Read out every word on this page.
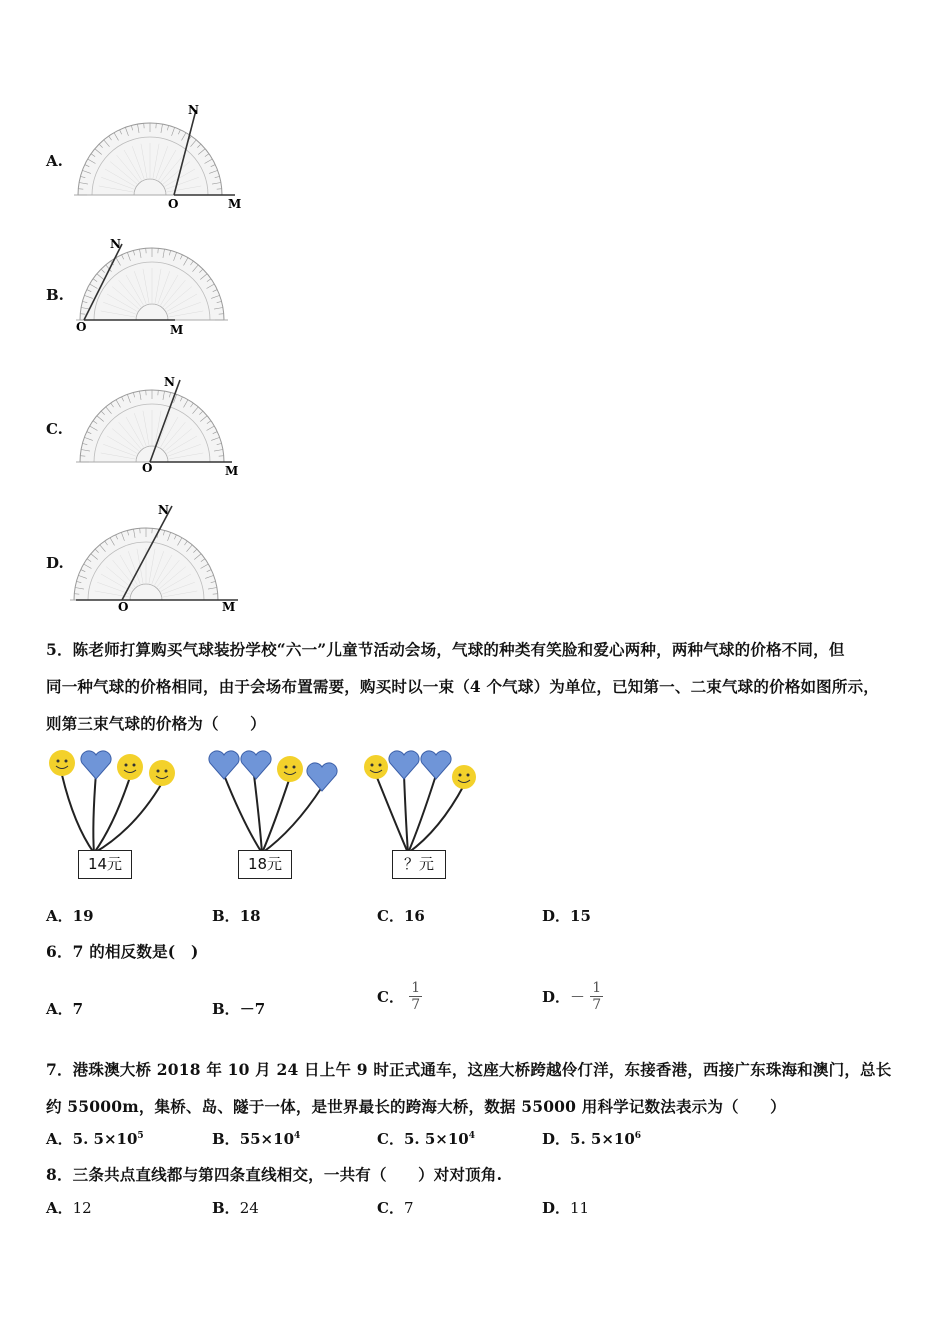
A.
O	M
N
B.
O	M
N
C.
O	M
N
D.
O	M
N
5．陈老师打算购买气球装扮学校“六一”儿童节活动会场，气球的种类有笑脸和爱心两种，两种气球的价格不同，但
同一种气球的价格相同，由于会场布置需要，购买时以一束（4 个气球）为单位，已知第一、二束气球的价格如图所示，
则第三束气球的价格为（　　）
14元	18元	？元
A．19	B．18	C．16	D．15
6．7 的相反数是(　)
A．7	B．－7
C． $\frac{1}{7}$	D．－ $\frac{1}{7}$
7．港珠澳大桥 2018 年 10 月 24 日上午 9 时正式通车，这座大桥跨越伶仃洋，东接香港，西接广东珠海和澳门，总长
约 55000m，集桥、岛、隧于一体，是世界最长的跨海大桥，数据 55000 用科学记数法表示为（　　）
A．5. $5\times 10^5$	B．$55\times 10^4$	C．5. $5\times 10^4$	D．5. $5\times 10^6$
8．三条共点直线都与第四条直线相交，一共有（　　）对对顶角.
A．12	B．24	C．7	D．11
